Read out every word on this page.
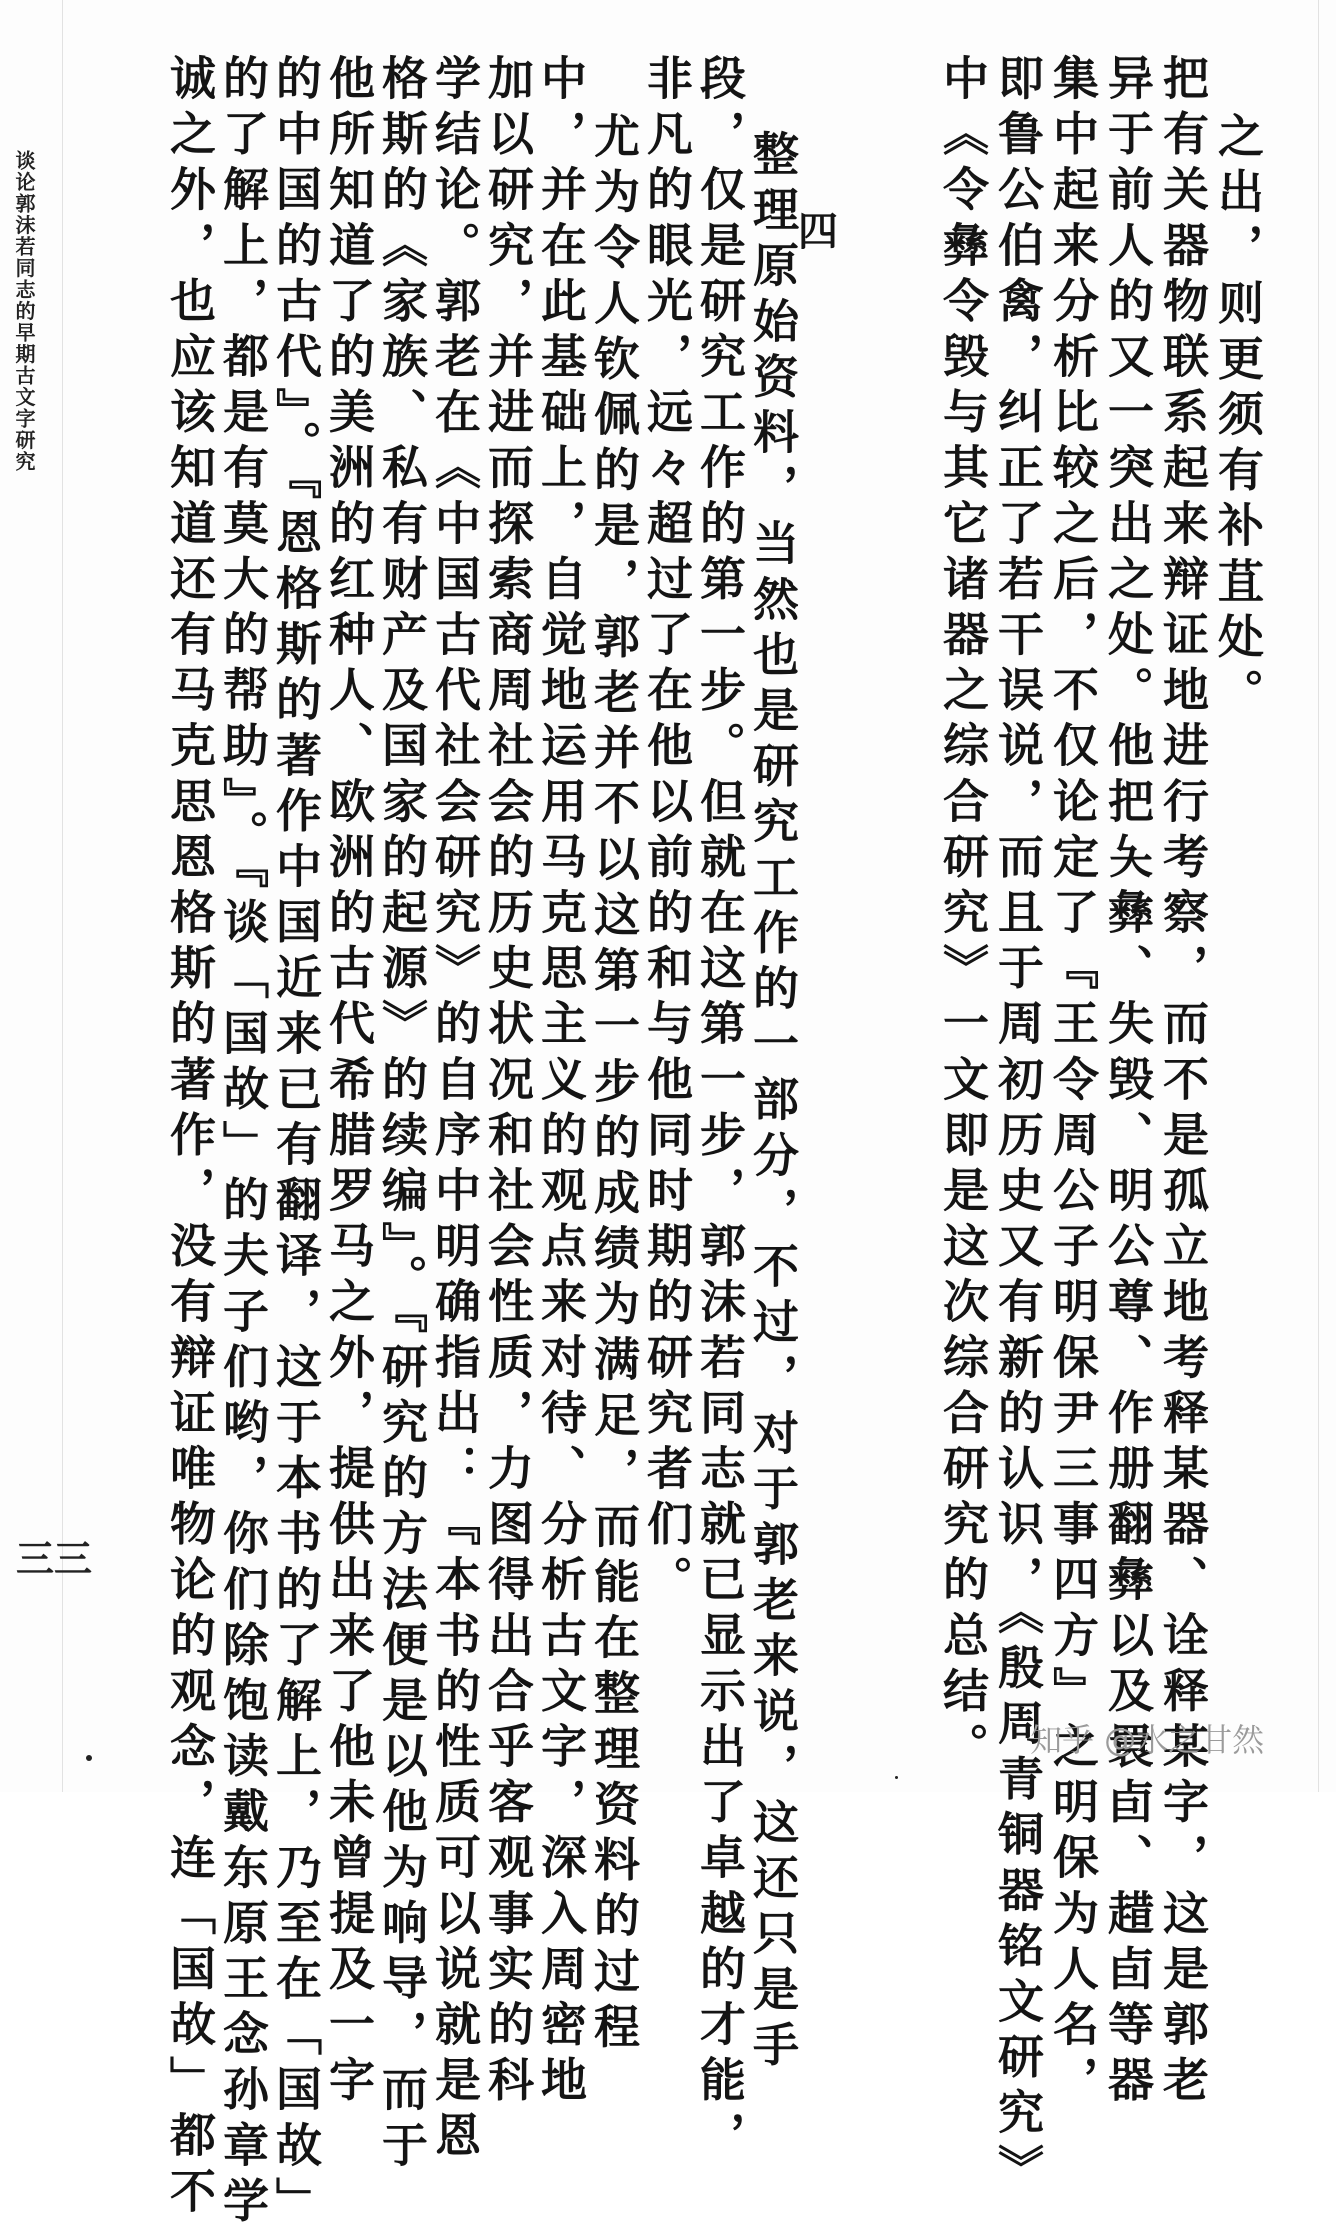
谈论郭沫若同志的早期古文字研究
三三
之出，则更须有补苴处。
把有关器物联系起来辩证地进行考察，而不是孤立地考释某器、诠释某字，这是郭老
异于前人的又一突出之处。他把夨彝、失毁、明公尊、作册翻彝以及睘卣、趞卣等器
集中起来分析比较之后，不仅论定了『王令周公子明保尹三事四方』之明保为人名，
即鲁公伯禽，纠正了若干误说，而且于周初历史又有新的认识，《殷周青铜器铭文研究》
中《令彝令毁与其它诸器之综合研究》一文即是这次综合研究的总结。
四
整理原始资料，当然也是研究工作的一部分，不过，对于郭老来说，这还只是手
段，仅是研究工作的第一步。但就在这第一步，郭沫若同志就已显示出了卓越的才能，
非凡的眼光，远々超过了在他以前的和与他同时期的研究者们。
尤为令人钦佩的是，郭老并不以这第一步的成绩为满足，而能在整理资料的过程
中，并在此基础上，自觉地运用马克思主义的观点来对待、分析古文字，深入周密地
加以研究，并进而探索商周社会的历史状况和社会性质，力图得出合乎客观事实的科
学结论。郭老在《中国古代社会研究》的自序中明确指出：『本书的性质可以说就是恩
格斯的《家族、私有财产及国家的起源》的续编』。『研究的方法便是以他为响导，而于
他所知道了的美洲的红种人、欧洲的古代希腊罗马之外，提供出来了他未曾提及一字
的中国的古代』。『恩格斯的著作中国近来已有翻译，这于本书的了解上，乃至在「国故」
的了解上，都是有莫大的帮助』。『谈「国故」的夫子们哟，你们除饱读戴东原王念孙章学
诚之外，也应该知道还有马克思恩格斯的著作，没有辩证唯物论的观念，连「国故」都不	知乎 @水之甘然
